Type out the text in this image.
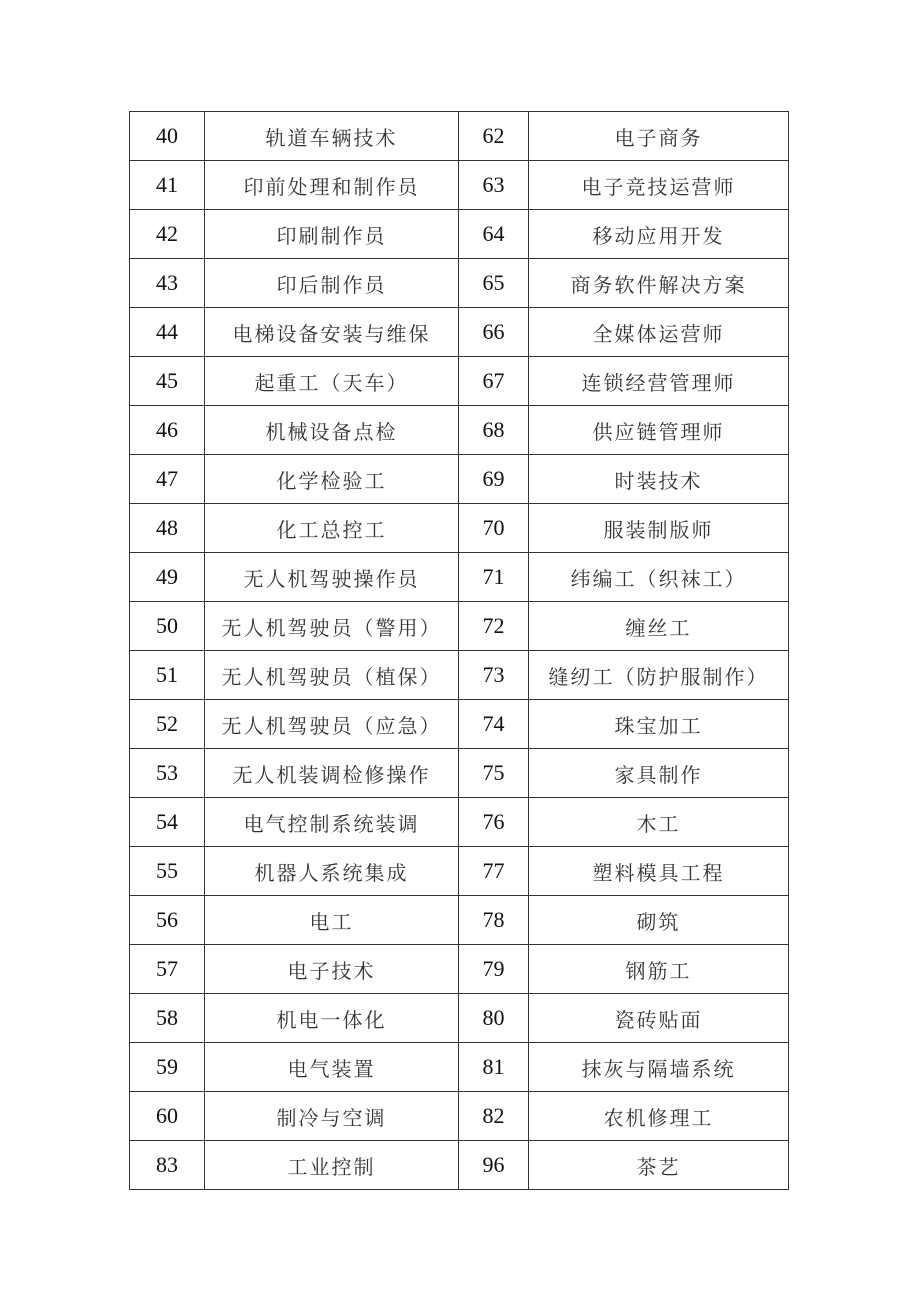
40	轨道车辆技术	62	电子商务
41	印前处理和制作员	63	电子竞技运营师
42	印刷制作员	64	移动应用开发
43	印后制作员	65	商务软件解决方案
44	电梯设备安装与维保	66	全媒体运营师
45	起重工（天车）	67	连锁经营管理师
46	机械设备点检	68	供应链管理师
47	化学检验工	69	时装技术
48	化工总控工	70	服装制版师
49	无人机驾驶操作员	71	纬编工（织袜工）
50	无人机驾驶员（警用）	72	缠丝工
51	无人机驾驶员（植保）	73	缝纫工（防护服制作）
52	无人机驾驶员（应急）	74	珠宝加工
53	无人机装调检修操作	75	家具制作
54	电气控制系统装调	76	木工
55	机器人系统集成	77	塑料模具工程
56	电工	78	砌筑
57	电子技术	79	钢筋工
58	机电一体化	80	瓷砖贴面
59	电气装置	81	抹灰与隔墙系统
60	制冷与空调	82	农机修理工
83	工业控制	96	茶艺
